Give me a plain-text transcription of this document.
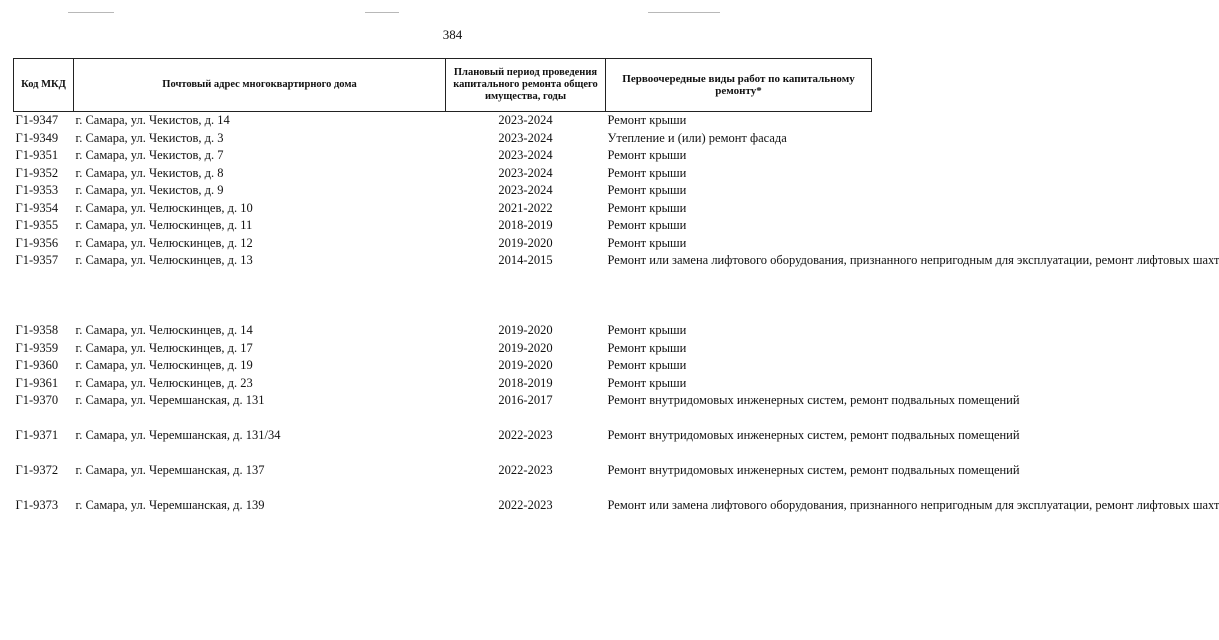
384
Код МКД	Почтовый адрес многоквартирного дома	Плановый период проведения капитального ремонта общего имущества, годы	Первоочередные виды работ по капитальному ремонту*
Г1-9347	г. Самара, ул. Чекистов, д. 14	2023-2024	Ремонт крыши
Г1-9349	г. Самара, ул. Чекистов, д. 3	2023-2024	Утепление и (или) ремонт фасада
Г1-9351	г. Самара, ул. Чекистов, д. 7	2023-2024	Ремонт крыши
Г1-9352	г. Самара, ул. Чекистов, д. 8	2023-2024	Ремонт крыши
Г1-9353	г. Самара, ул. Чекистов, д. 9	2023-2024	Ремонт крыши
Г1-9354	г. Самара, ул. Челюскинцев, д. 10	2021-2022	Ремонт крыши
Г1-9355	г. Самара, ул. Челюскинцев, д. 11	2018-2019	Ремонт крыши
Г1-9356	г. Самара, ул. Челюскинцев, д. 12	2019-2020	Ремонт крыши
Г1-9357	г. Самара, ул. Челюскинцев, д. 13	2014-2015	Ремонт или замена лифтового оборудования, признанного непригодным для эксплуатации, ремонт лифтовых шахт
Г1-9358	г. Самара, ул. Челюскинцев, д. 14	2019-2020	Ремонт крыши
Г1-9359	г. Самара, ул. Челюскинцев, д. 17	2019-2020	Ремонт крыши
Г1-9360	г. Самара, ул. Челюскинцев, д. 19	2019-2020	Ремонт крыши
Г1-9361	г. Самара, ул. Челюскинцев, д. 23	2018-2019	Ремонт крыши
Г1-9370	г. Самара, ул. Черемшанская, д. 131	2016-2017	Ремонт внутридомовых инженерных систем, ремонт подвальных помещений
Г1-9371	г. Самара, ул. Черемшанская, д. 131/34	2022-2023	Ремонт внутридомовых инженерных систем, ремонт подвальных помещений
Г1-9372	г. Самара, ул. Черемшанская, д. 137	2022-2023	Ремонт внутридомовых инженерных систем, ремонт подвальных помещений
Г1-9373	г. Самара, ул. Черемшанская, д. 139	2022-2023	Ремонт или замена лифтового оборудования, признанного непригодным для эксплуатации, ремонт лифтовых шахт
